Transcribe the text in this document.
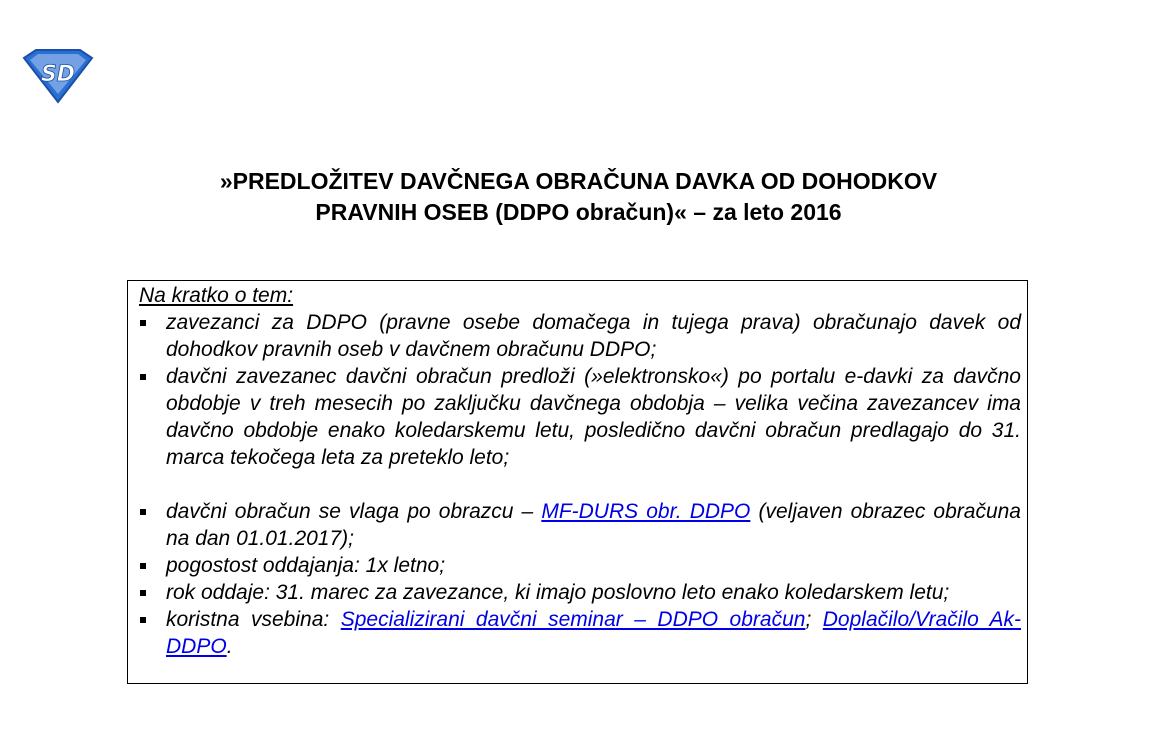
SD
»PREDLOŽITEV DAVČNEGA OBRAČUNA DAVKA OD DOHODKOV
PRAVNIH OSEB (DDPO obračun)« – za leto 2016
Na kratko o tem:
zavezanci za DDPO (pravne osebe domačega in tujega prava) obračunajo davek od dohodkov pravnih oseb v davčnem obračunu DDPO;
davčni zavezanec davčni obračun predloži (»elektronsko«) po portalu e-davki za davčno obdobje v treh mesecih po zaključku davčnega obdobja – velika večina zavezancev ima davčno obdobje enako koledarskemu letu, posledično davčni obračun predlagajo do 31. marca tekočega leta za preteklo leto;
davčni obračun se vlaga po obrazcu – MF-DURS obr. DDPO (veljaven obrazec obračuna na dan 01.01.2017);
pogostost oddajanja: 1x letno;
rok oddaje: 31. marec za zavezance, ki imajo poslovno leto enako koledarskem letu;
koristna vsebina: Specializirani davčni seminar – DDPO obračun; Doplačilo/Vračilo Ak-DDPO.
